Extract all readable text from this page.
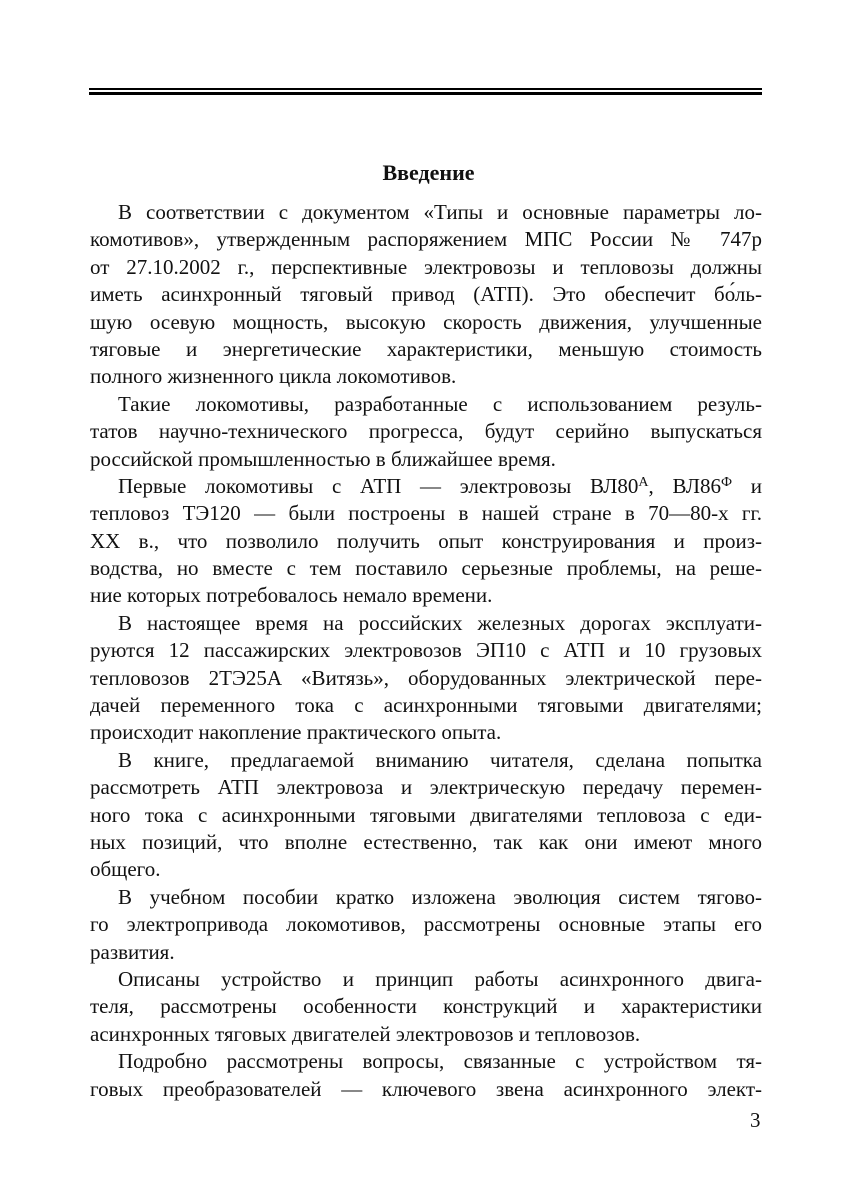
Введение
В соответствии с документом «Типы и основные параметры ло-
комотивов», утвержденным распоряжением МПС России № 747р
от 27.10.2002 г., перспективные электровозы и тепловозы должны
иметь асинхронный тяговый привод (АТП). Это обеспечит бо́ль-
шую осевую мощность, высокую скорость движения, улучшенные
тяговые и энергетические характеристики, меньшую стоимость
полного жизненного цикла локомотивов.
Такие локомотивы, разработанные с использованием резуль-
татов научно-технического прогресса, будут серийно выпускаться
российской промышленностью в ближайшее время.
Первые локомотивы с АТП — электровозы $ВЛ80^А$, $ВЛ86^Ф$ и
тепловоз ТЭ120 — были построены в нашей стране в 70—80-х гг.
XX в., что позволило получить опыт конструирования и произ-
водства, но вместе с тем поставило серьезные проблемы, на реше-
ние которых потребовалось немало времени.
В настоящее время на российских железных дорогах эксплуати-
руются 12 пассажирских электровозов ЭП10 с АТП и 10 грузовых
тепловозов 2ТЭ25А «Витязь», оборудованных электрической пере-
дачей переменного тока с асинхронными тяговыми двигателями;
происходит накопление практического опыта.
В книге, предлагаемой вниманию читателя, сделана попытка
рассмотреть АТП электровоза и электрическую передачу перемен-
ного тока с асинхронными тяговыми двигателями тепловоза с еди-
ных позиций, что вполне естественно, так как они имеют много
общего.
В учебном пособии кратко изложена эволюция систем тягово-
го электропривода локомотивов, рассмотрены основные этапы его
развития.
Описаны устройство и принцип работы асинхронного двига-
теля, рассмотрены особенности конструкций и характеристики
асинхронных тяговых двигателей электровозов и тепловозов.
Подробно рассмотрены вопросы, связанные с устройством тя-
говых преобразователей — ключевого звена асинхронного элект-
3
